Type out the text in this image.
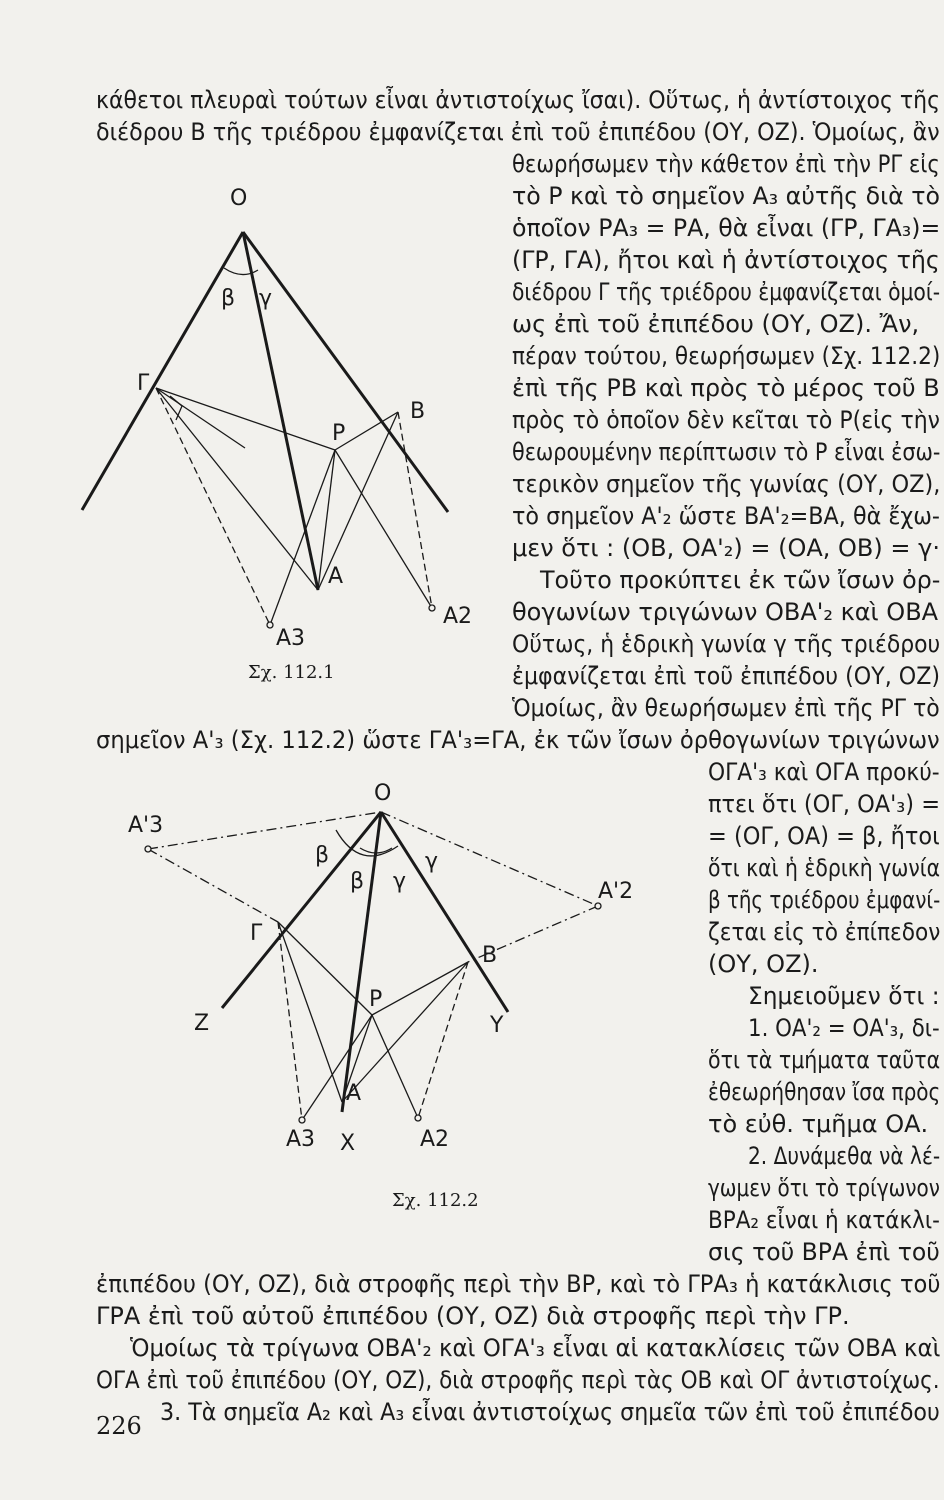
κάθετοι πλευραὶ τούτων εἶναι ἀντιστοίχως ἴσαι). Οὕτως, ἡ ἀντίστοιχος τῆς
διέδρου Β τῆς τριέδρου ἐμφανίζεται ἐπὶ τοῦ ἐπιπέδου (ΟΥ, ΟΖ). Ὁμοίως, ἂν
θεωρήσωμεν τὴν κάθετον ἐπὶ τὴν ΡΓ εἰς
τὸ Ρ καὶ τὸ σημεῖον Α₃ αὐτῆς διὰ τὸ
ὁποῖον ΡΑ₃ = ΡΑ, θὰ εἶναι (ΓΡ, ΓΑ₃)=
(ΓΡ, ΓΑ), ἤτοι καὶ ἡ ἀντίστοιχος τῆς
διέδρου Γ τῆς τριέδρου ἐμφανίζεται ὁμοί-
ως ἐπὶ τοῦ ἐπιπέδου (ΟΥ, ΟΖ). Ἄν,
πέραν τούτου, θεωρήσωμεν (Σχ. 112.2)
ἐπὶ τῆς ΡΒ καὶ πρὸς τὸ μέρος τοῦ Β
πρὸς τὸ ὁποῖον δὲν κεῖται τὸ Ρ(εἰς τὴν
θεωρουμένην περίπτωσιν τὸ Ρ εἶναι ἐσω-
τερικὸν σημεῖον τῆς γωνίας (ΟΥ, ΟΖ),
τὸ σημεῖον Α'₂ ὥστε ΒΑ'₂=ΒΑ, θὰ ἔχω-
μεν ὅτι : (ΟΒ, ΟΑ'₂) = (ΟΑ, ΟΒ) = γ·
Τοῦτο προκύπτει ἐκ τῶν ἴσων ὀρ-
θογωνίων τριγώνων ΟΒΑ'₂ καὶ ΟΒΑ
Οὕτως, ἡ ἑδρικὴ γωνία γ τῆς τριέδρου
ἐμφανίζεται ἐπὶ τοῦ ἐπιπέδου (ΟΥ, ΟΖ)
Ὁμοίως, ἂν θεωρήσωμεν ἐπὶ τῆς ΡΓ τὸ
σημεῖον Α'₃ (Σχ. 112.2) ὥστε ΓΑ'₃=ΓΑ, ἐκ τῶν ἴσων ὀρθογωνίων τριγώνων
ΟΓΑ'₃ καὶ ΟΓΑ προκύ-
πτει ὅτι (ΟΓ, ΟΑ'₃) =
= (ΟΓ, ΟΑ) = β, ἤτοι
ὅτι καὶ ἡ ἑδρικὴ γωνία
β τῆς τριέδρου ἐμφανί-
ζεται εἰς τὸ ἐπίπεδον
(ΟΥ, ΟΖ).
Σημειοῦμεν ὅτι :
1. ΟΑ'₂ = ΟΑ'₃, δι-
ὅτι τὰ τμήματα ταῦτα
ἐθεωρήθησαν ἴσα πρὸς
τὸ εὐθ. τμῆμα ΟΑ.
2. Δυνάμεθα νὰ λέ-
γωμεν ὅτι τὸ τρίγωνον
ΒΡΑ₂ εἶναι ἡ κατάκλι-
σις τοῦ ΒΡΑ ἐπὶ τοῦ
ἐπιπέδου (ΟΥ, ΟΖ), διὰ στροφῆς περὶ τὴν ΒΡ, καὶ τὸ ΓΡΑ₃ ἡ κατάκλισις τοῦ
ΓΡΑ ἐπὶ τοῦ αὐτοῦ ἐπιπέδου (ΟΥ, ΟΖ) διὰ στροφῆς περὶ τὴν ΓΡ.
Ὁμοίως τὰ τρίγωνα ΟΒΑ'₂ καὶ ΟΓΑ'₃ εἶναι αἱ κατακλίσεις τῶν ΟΒΑ καὶ
ΟΓΑ ἐπὶ τοῦ ἐπιπέδου (ΟΥ, ΟΖ), διὰ στροφῆς περὶ τὰς ΟΒ καὶ ΟΓ ἀντιστοίχως.
3. Τὰ σημεῖα Α₂ καὶ Α₃ εἶναι ἀντιστοίχως σημεῖα τῶν ἐπὶ τοῦ ἐπιπέδου
O
β γ
Γ
B
P
A
A2
A3
O
A'3
A'2
β
β γ
γ
Γ
B
P
Z	Y
A
A3	A2
X
Σχ. 112.1
Σχ. 112.2
226
